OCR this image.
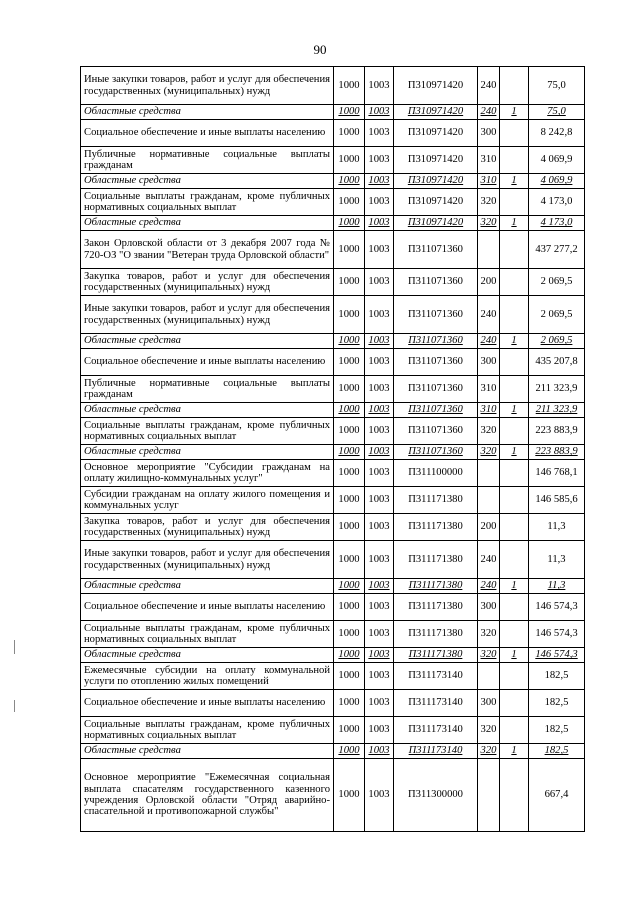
90
Иные закупки товаров, работ и услуг для обеспечения государственных (муниципальных) нужд	1000	1003	П310971420	240		75,0
Областные средства	1000	1003	П310971420	240	1	75,0
Социальное обеспечение и иные выплаты населению	1000	1003	П310971420	300		8 242,8
Публичные нормативные социальные выплаты гражданам	1000	1003	П310971420	310		4 069,9
Областные средства	1000	1003	П310971420	310	1	4 069,9
Социальные выплаты гражданам, кроме публичных нормативных социальных выплат	1000	1003	П310971420	320		4 173,0
Областные средства	1000	1003	П310971420	320	1	4 173,0
Закон Орловской области от 3 декабря 2007 года № 720-ОЗ "О звании "Ветеран труда Орловской области"	1000	1003	П311071360			437 277,2
Закупка товаров, работ и услуг для обеспечения государственных (муниципальных) нужд	1000	1003	П311071360	200		2 069,5
Иные закупки товаров, работ и услуг для обеспечения государственных (муниципальных) нужд	1000	1003	П311071360	240		2 069,5
Областные средства	1000	1003	П311071360	240	1	2 069,5
Социальное обеспечение и иные выплаты населению	1000	1003	П311071360	300		435 207,8
Публичные нормативные социальные выплаты гражданам	1000	1003	П311071360	310		211 323,9
Областные средства	1000	1003	П311071360	310	1	211 323,9
Социальные выплаты гражданам, кроме публичных нормативных социальных выплат	1000	1003	П311071360	320		223 883,9
Областные средства	1000	1003	П311071360	320	1	223 883,9
Основное мероприятие "Субсидии гражданам на оплату жилищно-коммунальных услуг"	1000	1003	П311100000			146 768,1
Субсидии гражданам на оплату жилого помещения и коммунальных услуг	1000	1003	П311171380			146 585,6
Закупка товаров, работ и услуг для обеспечения государственных (муниципальных) нужд	1000	1003	П311171380	200		11,3
Иные закупки товаров, работ и услуг для обеспечения государственных (муниципальных) нужд	1000	1003	П311171380	240		11,3
Областные средства	1000	1003	П311171380	240	1	11,3
Социальное обеспечение и иные выплаты населению	1000	1003	П311171380	300		146 574,3
Социальные выплаты гражданам, кроме публичных нормативных социальных выплат	1000	1003	П311171380	320		146 574,3
Областные средства	1000	1003	П311171380	320	1	146 574,3
Ежемесячные субсидии на оплату коммунальной услуги по отоплению жилых помещений	1000	1003	П311173140			182,5
Социальное обеспечение и иные выплаты населению	1000	1003	П311173140	300		182,5
Социальные выплаты гражданам, кроме публичных нормативных социальных выплат	1000	1003	П311173140	320		182,5
Областные средства	1000	1003	П311173140	320	1	182,5
Основное мероприятие "Ежемесячная социальная выплата спасателям государственного казенного учреждения Орловской области "Отряд аварийно-спасательной и противопожарной службы"	1000	1003	П311300000			667,4
